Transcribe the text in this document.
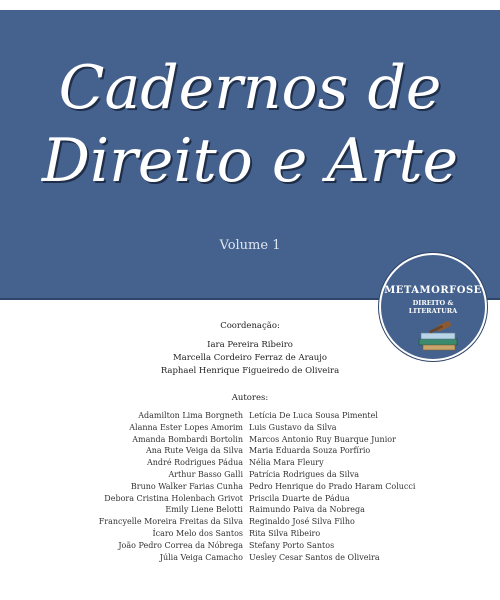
Cadernos de
Direito e Arte
Volume 1
METAMORFOSE
DIREITO &
LITERATURA
Coordenação:
Iara Pereira Ribeiro
Marcella Cordeiro Ferraz de Araujo
Raphael Henrique Figueiredo de Oliveira
Autores:
Adamilton Lima Borgneth
Alanna Ester Lopes Amorim
Amanda Bombardi Bortolin
Ana Rute Veiga da Silva
André Rodrigues Pádua
Arthur Basso Galli
Bruno Walker Farias Cunha
Debora Cristina Holenbach Grivot
Emily Liene Belotti
Francyelle Moreira Freitas da Silva
Ícaro Melo dos Santos
João Pedro Correa da Nóbrega
Júlia Veiga Camacho
Letícia De Luca Sousa Pimentel
Luis Gustavo da Silva
Marcos Antonio Ruy Buarque Junior
Maria Eduarda Souza Porfírio
Nélia Mara Fleury
Patrícia Rodrigues da Silva
Pedro Henrique do Prado Haram Colucci
Priscila Duarte de Pádua
Raimundo Paiva da Nobrega
Reginaldo José Silva Filho
Rita Silva Ribeiro
Stefany Porto Santos
Uesley Cesar Santos de Oliveira
